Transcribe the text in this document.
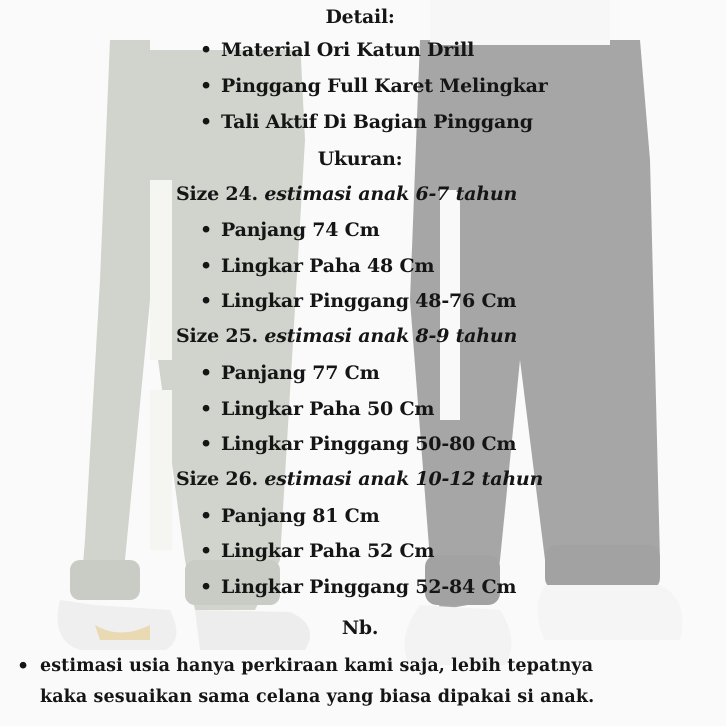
Detail:
• Material Ori Katun Drill
• Pinggang Full Karet Melingkar
• Tali Aktif Di Bagian Pinggang
Ukuran:
Size 24. estimasi anak 6-7 tahun
• Panjang 74 Cm
• Lingkar Paha 48 Cm
• Lingkar Pinggang 48-76 Cm
Size 25. estimasi anak 8-9 tahun
• Panjang 77 Cm
• Lingkar Paha 50 Cm
• Lingkar Pinggang 50-80 Cm
Size 26. estimasi anak 10-12 tahun
• Panjang 81 Cm
• Lingkar Paha 52 Cm
• Lingkar Pinggang 52-84 Cm
Nb.
• estimasi usia hanya perkiraan kami saja, lebih tepatnya
kaka sesuaikan sama celana yang biasa dipakai si anak.
